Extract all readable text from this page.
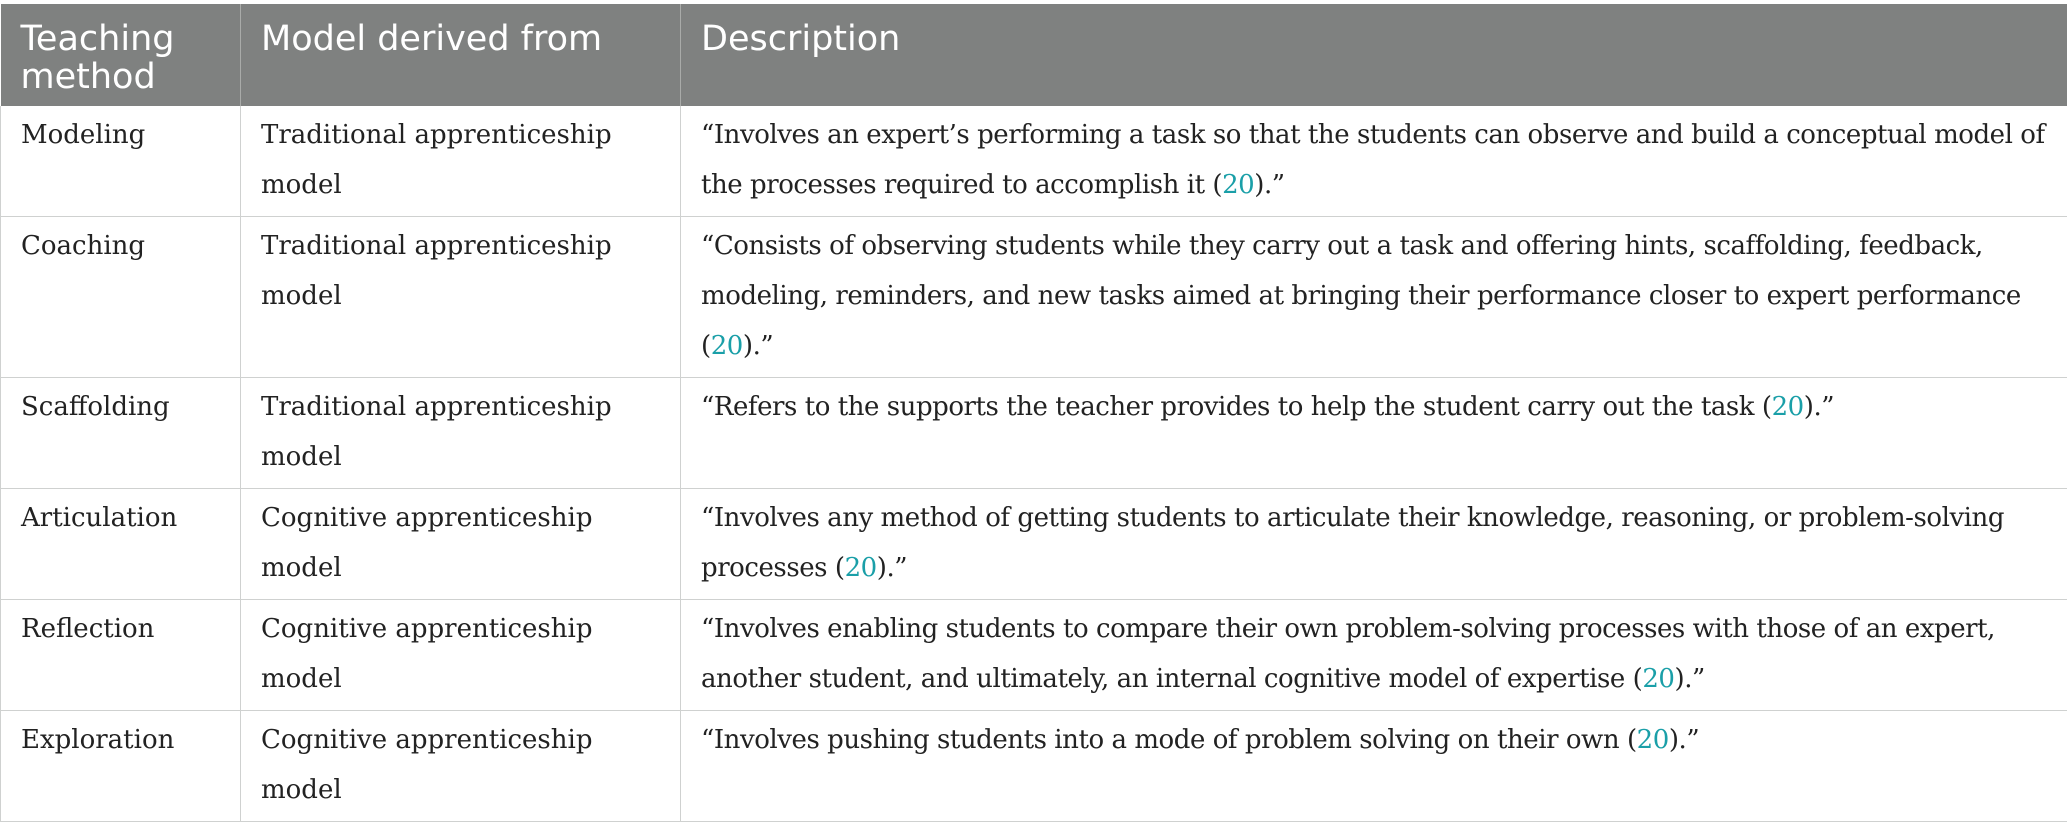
Teaching method	Model derived from	Description
Modeling	Traditional apprenticeship model	“Involves an expert’s performing a task so that the students can observe and build a conceptual model of the processes required to accomplish it (20).”
Coaching	Traditional apprenticeship model	“Consists of observing students while they carry out a task and offering hints, scaffolding, feedback, modeling, reminders, and new tasks aimed at bringing their performance closer to expert performance (20).”
Scaffolding	Traditional apprenticeship model	“Refers to the supports the teacher provides to help the student carry out the task (20).”
Articulation	Cognitive apprenticeship model	“Involves any method of getting students to articulate their knowledge, reasoning, or problem-solving processes (20).”
Reflection	Cognitive apprenticeship model	“Involves enabling students to compare their own problem-solving processes with those of an expert, another student, and ultimately, an internal cognitive model of expertise (20).”
Exploration	Cognitive apprenticeship model	“Involves pushing students into a mode of problem solving on their own (20).”
